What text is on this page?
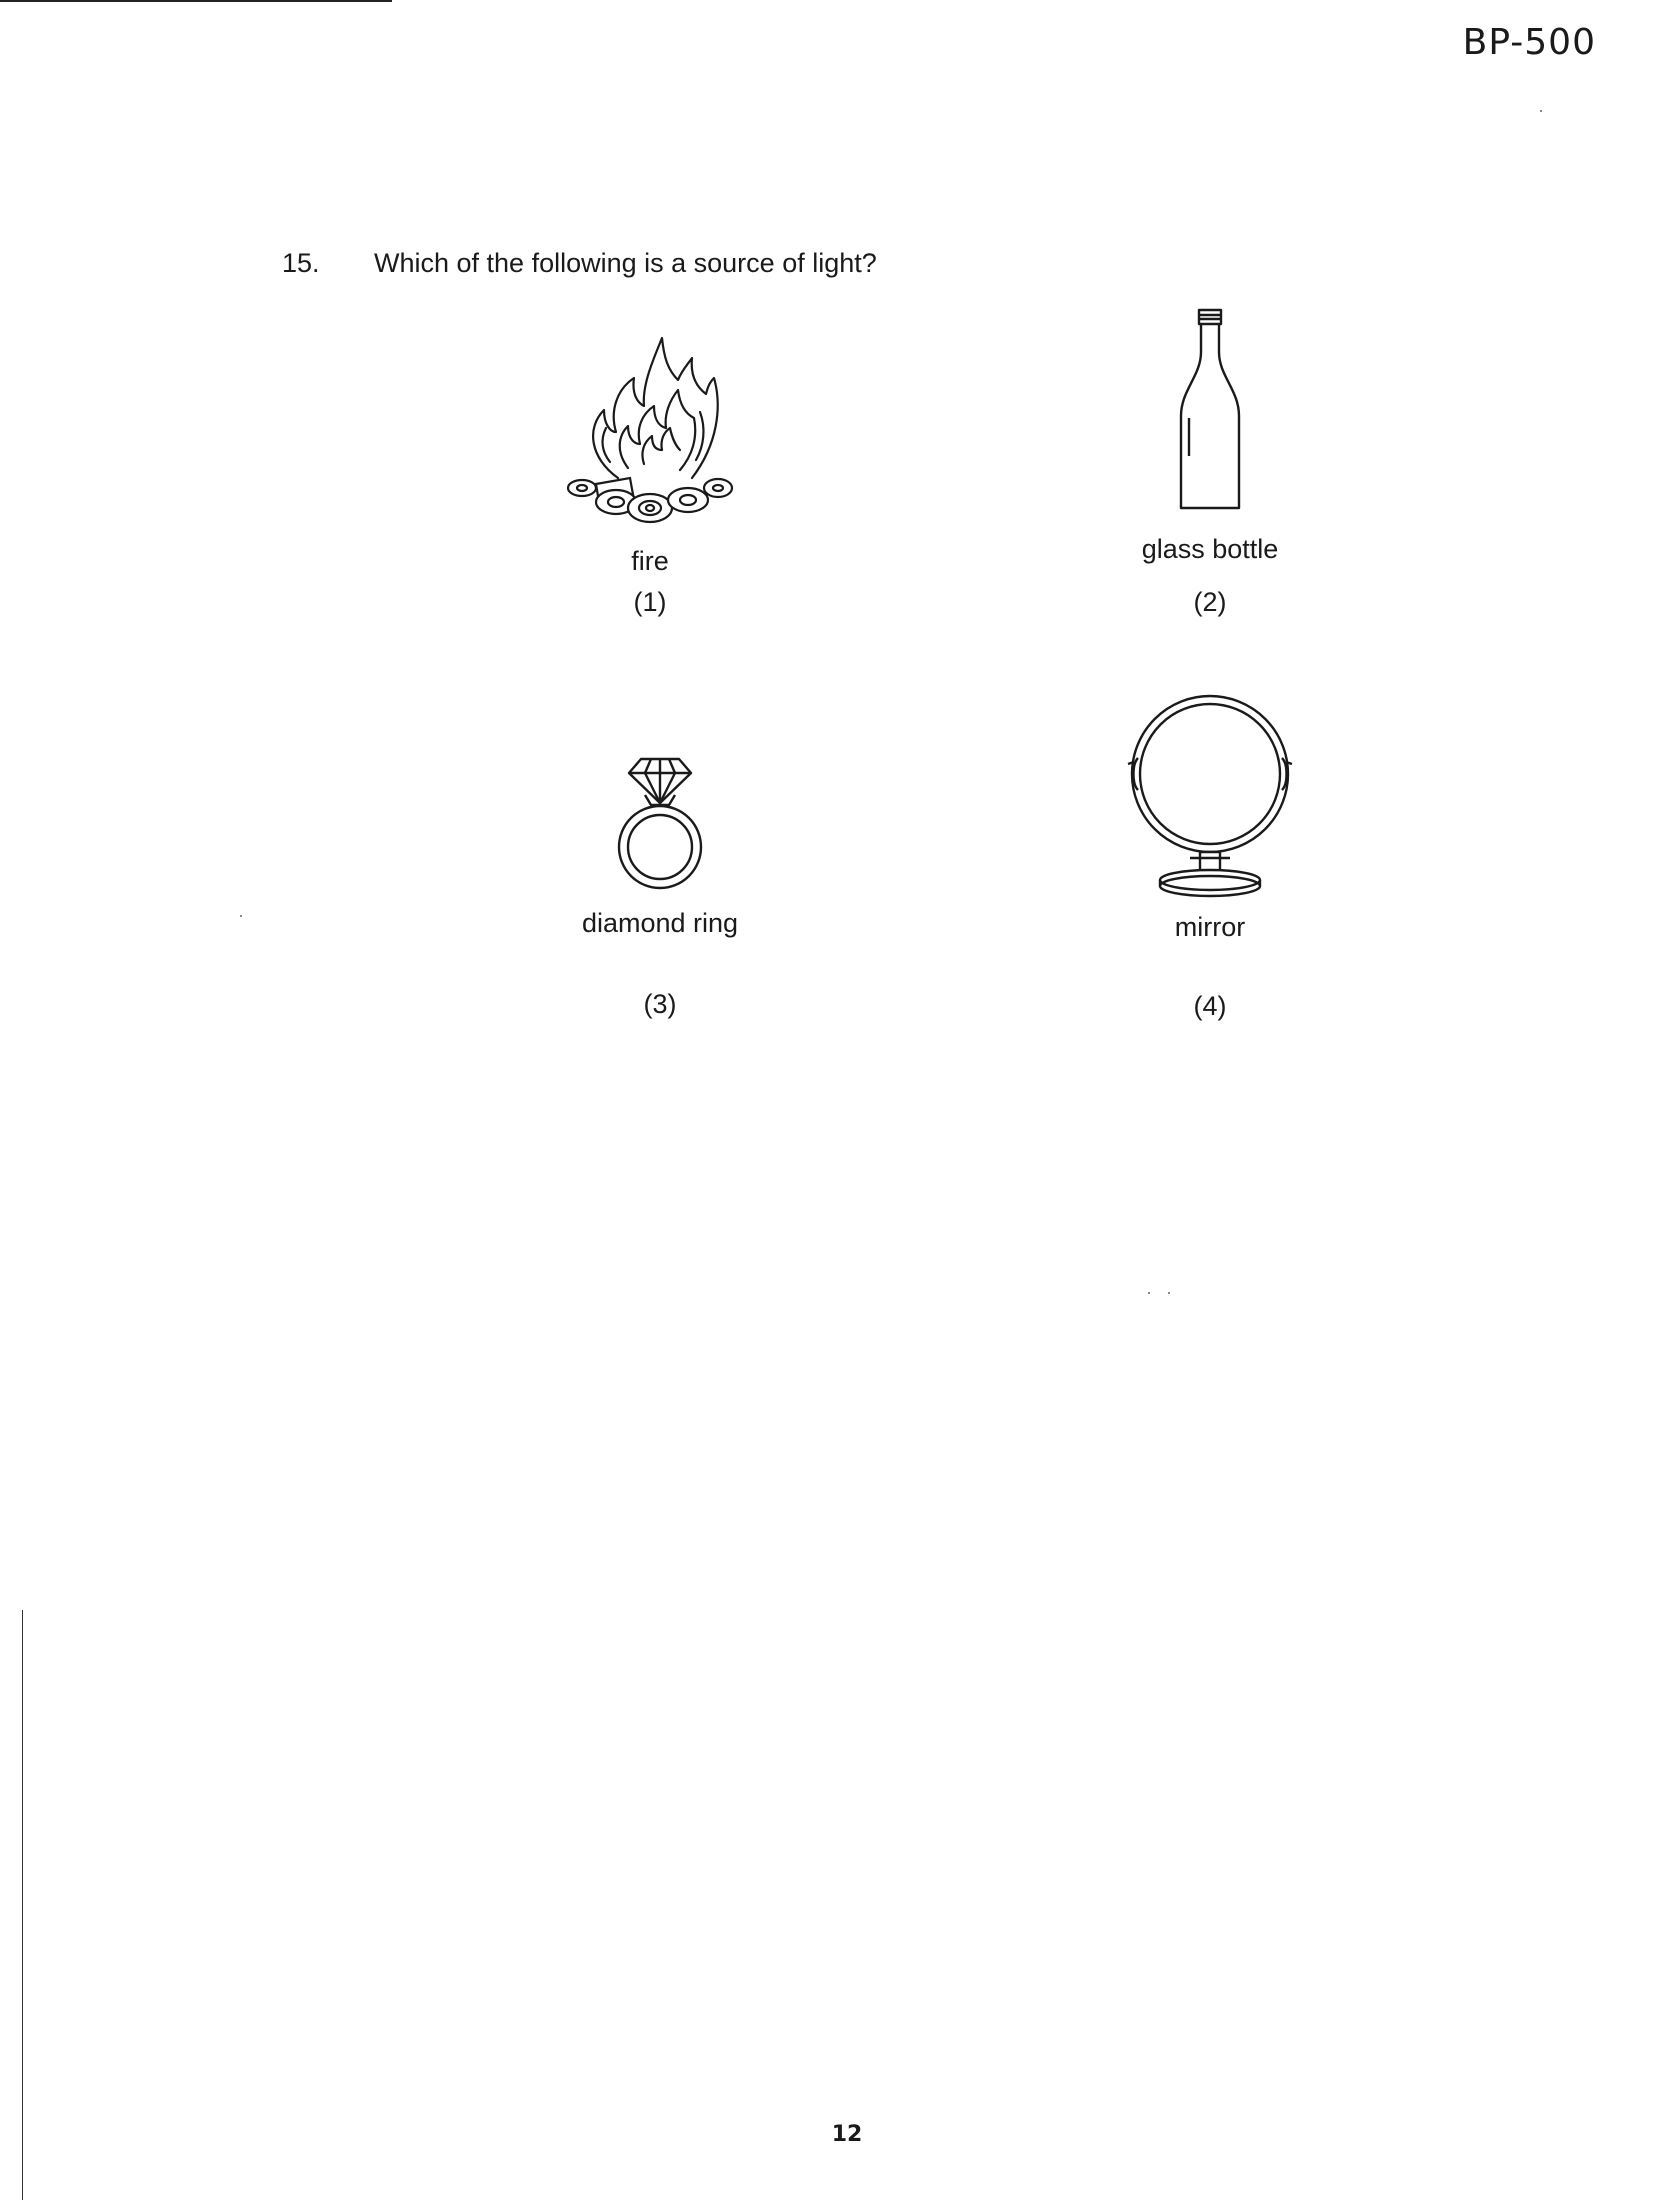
BP-500
15.	Which of the following is a source of light?
fire
(1)
glass bottle
(2)
diamond ring
(3)
mirror
(4)
12
